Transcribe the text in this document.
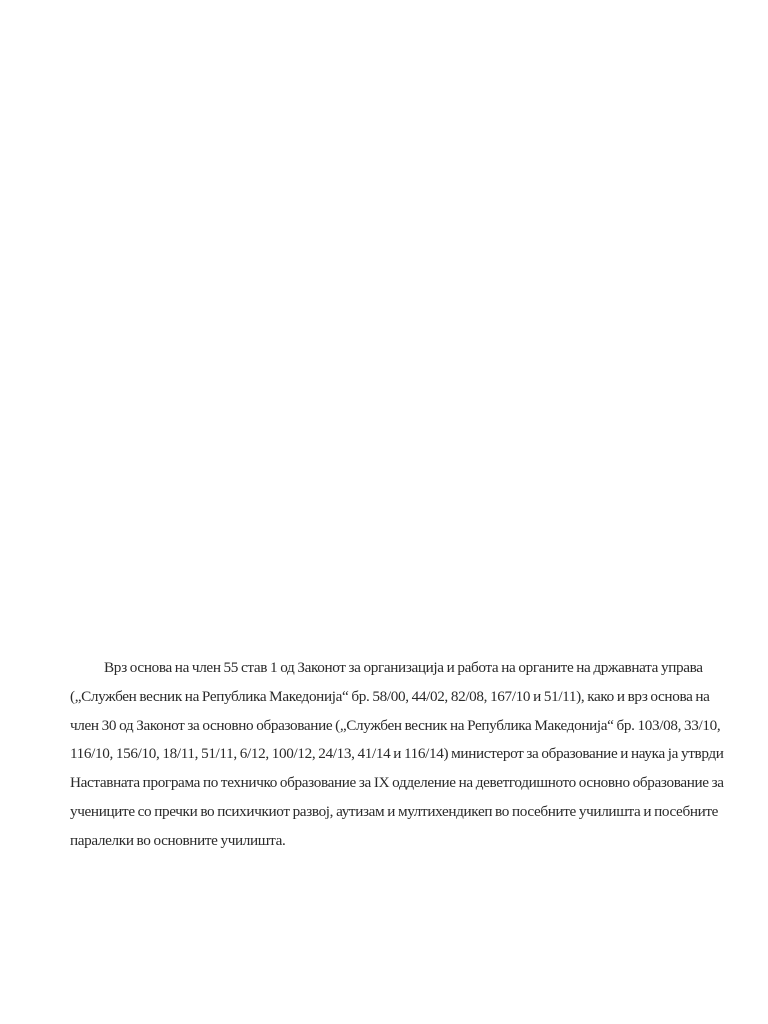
Врз основа на член 55 став 1 од Законот за организација и работа на органите на државната управа
(„Службен весник на Република Македонија“ бр. 58/00, 44/02, 82/08, 167/10 и 51/11), како и врз основа на
член 30 од Законот за основно образование („Службен весник на Република Македонија“ бр. 103/08, 33/10,
116/10, 156/10, 18/11, 51/11, 6/12, 100/12, 24/13, 41/14 и 116/14) министерот за образование и наука ја утврди
Наставната програма по техничко образование за IX одделение на деветгодишното основно образование за
учениците со пречки во психичкиот развој, аутизам и мултихендикеп во посебните училишта и посебните
паралелки во основните училишта.
